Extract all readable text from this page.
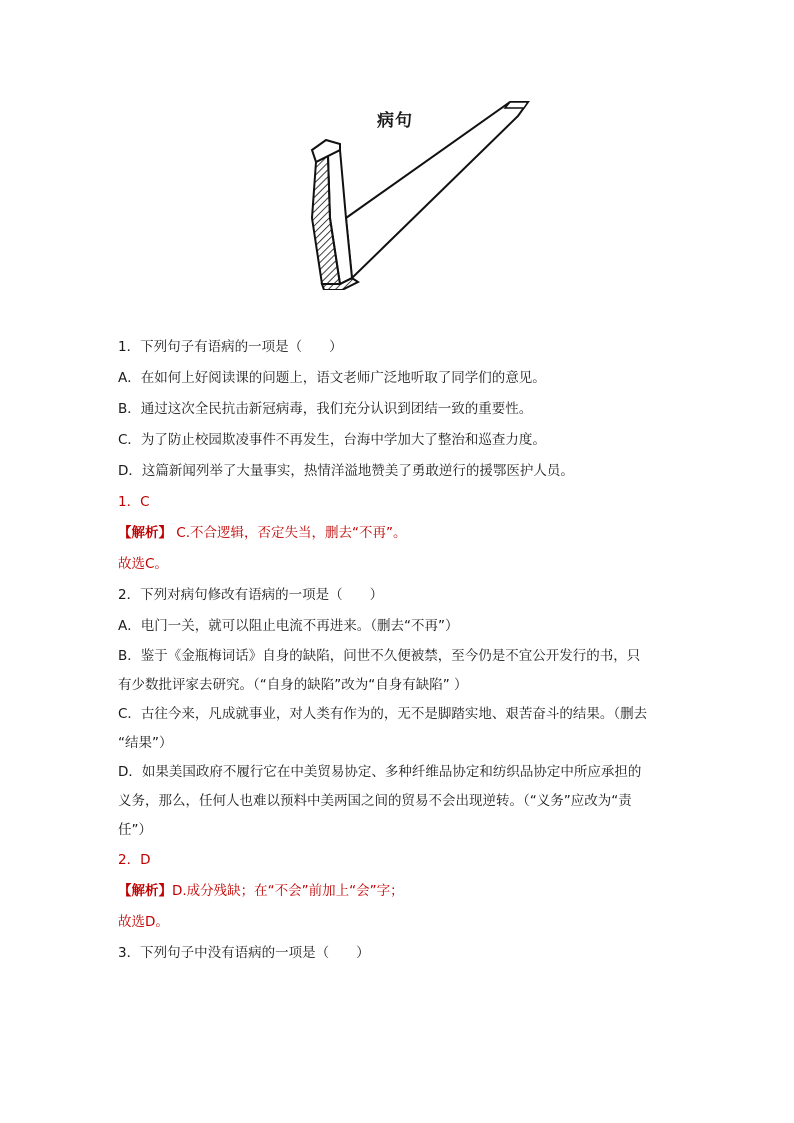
病句
1．下列句子有语病的一项是（　　）
A．在如何上好阅读课的问题上，语文老师广泛地听取了同学们的意见。
B．通过这次全民抗击新冠病毒，我们充分认识到团结一致的重要性。
C．为了防止校园欺凌事件不再发生，台海中学加大了整治和巡查力度。
D．这篇新闻列举了大量事实，热情洋溢地赞美了勇敢逆行的援鄂医护人员。
1．C
【解析】 C.不合逻辑，否定失当，删去“不再”。
故选C。
2．下列对病句修改有语病的一项是（　　）
A．电门一关，就可以阻止电流不再进来。（删去“不再”）
B．鉴于《金瓶梅词话》自身的缺陷，问世不久便被禁，至今仍是不宜公开发行的书，只
有少数批评家去研究。（“自身的缺陷”改为“自身有缺陷” ）
C．古往今来，凡成就事业，对人类有作为的，无不是脚踏实地、艰苦奋斗的结果。（删去
“结果”）
D．如果美国政府不履行它在中美贸易协定、多种纤维品协定和纺织品协定中所应承担的
义务，那么，任何人也难以预料中美两国之间的贸易不会出现逆转。（“义务”应改为“责
任”）
2．D
【解析】D.成分残缺；在“不会”前加上“会”字；
故选D。
3．下列句子中没有语病的一项是（　　）
